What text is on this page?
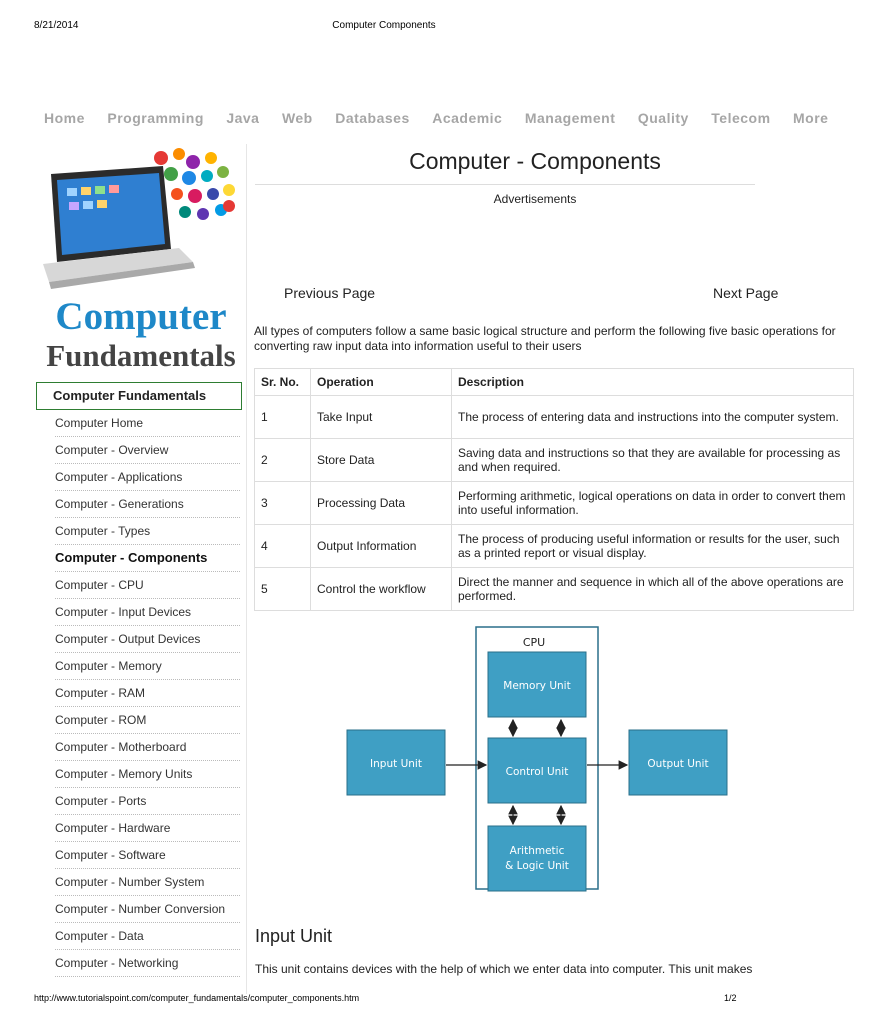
8/21/2014	Computer Components
Home Programming Java Web Databases Academic Management Quality Telecom More
Computer
Fundamentals
Computer Fundamentals
Computer Home
Computer - Overview
Computer - Applications
Computer - Generations
Computer - Types
Computer - Components
Computer - CPU
Computer - Input Devices
Computer - Output Devices
Computer - Memory
Computer - RAM
Computer - ROM
Computer - Motherboard
Computer - Memory Units
Computer - Ports
Computer - Hardware
Computer - Software
Computer - Number System
Computer - Number Conversion
Computer - Data
Computer - Networking
Computer - Components
Advertisements
Previous Page	Next Page
All types of computers follow a same basic logical structure and perform the following five basic operations for converting raw input data into information useful to their users
Sr. No.	Operation	Description
1	Take Input	The process of entering data and instructions into the computer system.
2	Store Data	Saving data and instructions so that they are available for processing as and when required.
3	Processing Data	Performing arithmetic, logical operations on data in order to convert them into useful information.
4	Output Information	The process of producing useful information or results for the user, such as a printed report or visual display.
5	Control the workflow	Direct the manner and sequence in which all of the above operations are performed.
CPU
Memory Unit
Control Unit
Arithmetic
& Logic Unit
Input Unit	Output Unit
Input Unit
This unit contains devices with the help of which we enter data into computer. This unit makes
http://www.tutorialspoint.com/computer_fundamentals/computer_components.htm	1/2
